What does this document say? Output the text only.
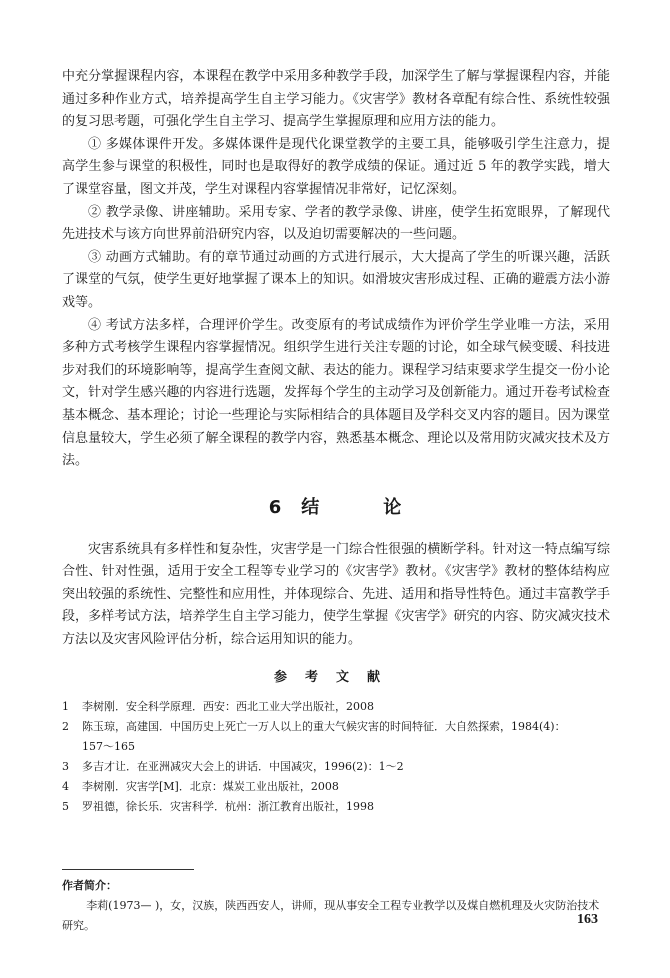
中充分掌握课程内容，本课程在教学中采用多种教学手段，加深学生了解与掌握课程内容，并能通过多种作业方式，培养提高学生自主学习能力。《灾害学》教材各章配有综合性、系统性较强的复习思考题，可强化学生自主学习、提高学生掌握原理和应用方法的能力。

① 多媒体课件开发。多媒体课件是现代化课堂教学的主要工具，能够吸引学生注意力，提高学生参与课堂的积极性，同时也是取得好的教学成绩的保证。通过近 5 年的教学实践，增大了课堂容量，图文并茂，学生对课程内容掌握情况非常好，记忆深刻。

② 教学录像、讲座辅助。采用专家、学者的教学录像、讲座，使学生拓宽眼界，了解现代先进技术与该方向世界前沿研究内容，以及迫切需要解决的一些问题。

③ 动画方式辅助。有的章节通过动画的方式进行展示，大大提高了学生的听课兴趣，活跃了课堂的气氛，使学生更好地掌握了课本上的知识。如滑坡灾害形成过程、正确的避震方法小游戏等。

④ 考试方法多样，合理评价学生。改变原有的考试成绩作为评价学生学业唯一方法，采用多种方式考核学生课程内容掌握情况。组织学生进行关注专题的讨论，如全球气候变暖、科技进步对我们的环境影响等，提高学生查阅文献、表达的能力。课程学习结束要求学生提交一份小论文，针对学生感兴趣的内容进行选题，发挥每个学生的主动学习及创新能力。通过开卷考试检查基本概念、基本理论；讨论一些理论与实际相结合的具体题目及学科交叉内容的题目。因为课堂信息量较大，学生必须了解全课程的教学内容，熟悉基本概念、理论以及常用防灾减灾技术及方法。

6 结	论

灾害系统具有多样性和复杂性，灾害学是一门综合性很强的横断学科。针对这一特点编写综合性、针对性强，适用于安全工程等专业学习的《灾害学》教材。《灾害学》教材的整体结构应突出较强的系统性、完整性和应用性，并体现综合、先进、适用和指导性特色。通过丰富教学手段，多样考试方法，培养学生自主学习能力，使学生掌握《灾害学》研究的内容、防灾减灾技术方法以及灾害风险评估分析，综合运用知识的能力。

参考文献
1	李树刚．安全科学原理．西安：西北工业大学出版社，2008
2	陈玉琼，高建国．中国历史上死亡一万人以上的重大气候灾害的时间特征．大自然探索，1984(4)：
157～165
3	多吉才让．在亚洲减灾大会上的讲话．中国减灾，1996(2)：1～2
4	李树刚．灾害学[M]．北京：煤炭工业出版社，2008
5	罗祖德，徐长乐．灾害科学．杭州：浙江教育出版社，1998
作者简介：
李莉(1973— )，女，汉族，陕西西安人，讲师，现从事安全工程专业教学以及煤自燃机理及火灾防治技术研究。	163
